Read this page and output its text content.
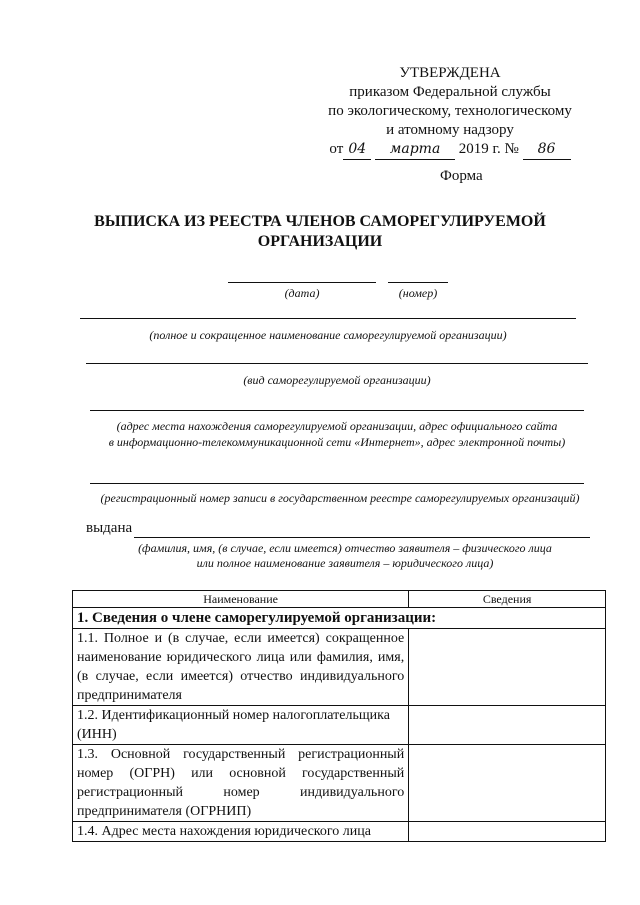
УТВЕРЖДЕНА
приказом Федеральной службы
по экологическому, технологическому
и атомному надзору
от 04 марта 2019 г. № 86
Форма
ВЫПИСКА ИЗ РЕЕСТРА ЧЛЕНОВ САМОРЕГУЛИРУЕМОЙ ОРГАНИЗАЦИИ
(дата)	(номер)
(полное и сокращенное наименование саморегулируемой организации)
(вид саморегулируемой организации)
(адрес места нахождения саморегулируемой организации, адрес официального сайта
в информационно-телекоммуникационной сети «Интернет», адрес электронной почты)
(регистрационный номер записи в государственном реестре саморегулируемых организаций)
выдана
(фамилия, имя, (в случае, если имеется) отчество заявителя – физического лица
или полное наименование заявителя – юридического лица)
Наименование	Сведения
1. Сведения о члене саморегулируемой организации:	
1.1. Полное и (в случае, если имеется) сокращенное наименование юридического лица или фамилия, имя, (в случае, если имеется) отчество индивидуального предпринимателя	
1.2. Идентификационный номер налогоплательщика (ИНН)	
1.3. Основной государственный регистрационный номер (ОГРН) или основной государственный регистрационный номер индивидуального предпринимателя (ОГРНИП)	
1.4. Адрес места нахождения юридического лица	
